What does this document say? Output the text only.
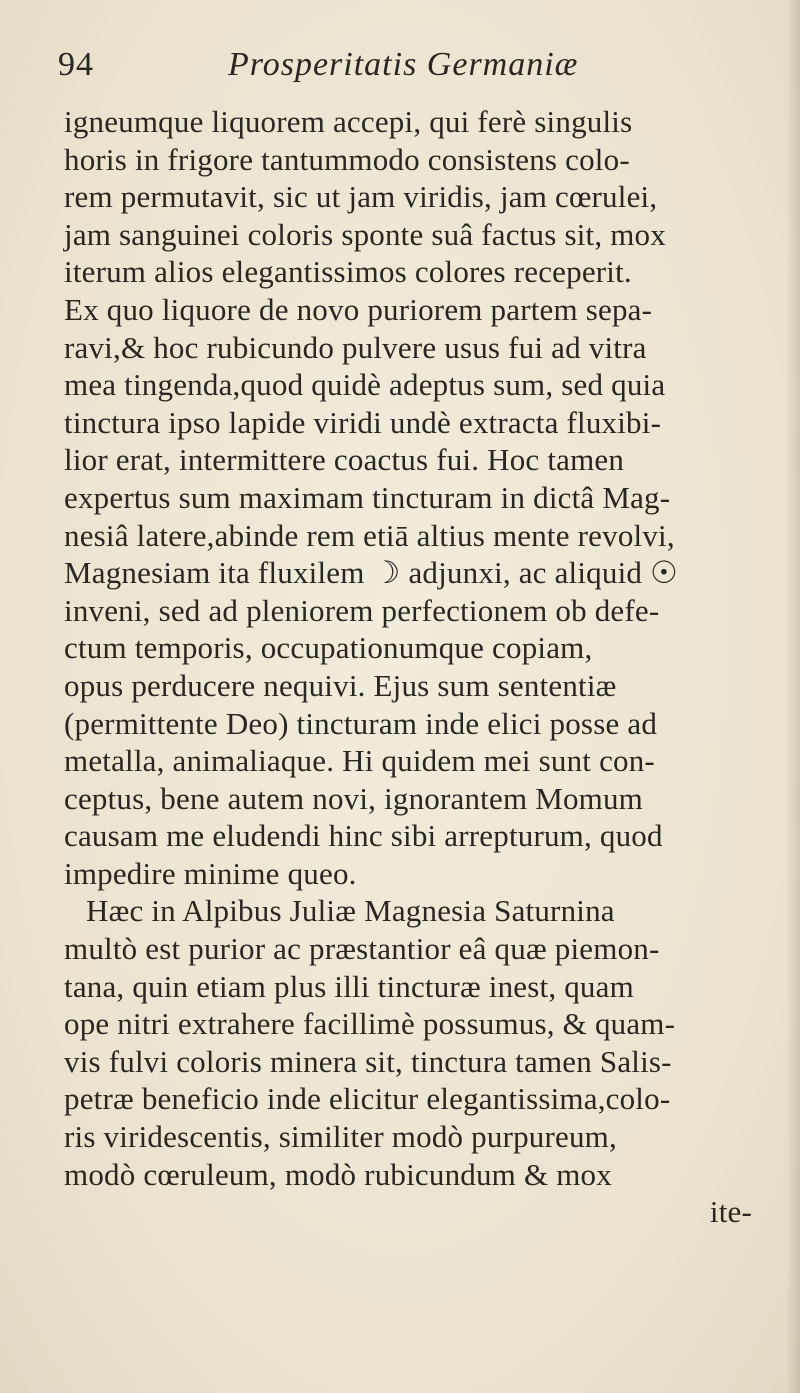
94	Prosperitatis Germaniæ
igneumque liquorem accepi, qui ferè singulis
horis in frigore tantummodo consistens colo-
rem permutavit, sic ut jam viridis, jam cœrulei,
jam sanguinei coloris sponte suâ factus sit, mox
iterum alios elegantissimos colores receperit.
Ex quo liquore de novo puriorem partem sepa-
ravi,& hoc rubicundo pulvere usus fui ad vitra
mea tingenda,quod quidè adeptus sum, sed quia
tinctura ipso lapide viridi undè extracta fluxibi-
lior erat, intermittere coactus fui. Hoc tamen
expertus sum maximam tincturam in dictâ Mag-
nesiâ latere,abinde rem etiā altius mente revolvi,
Magnesiam ita fluxilem ☽ adjunxi, ac aliquid ☉
inveni, sed ad pleniorem perfectionem ob defe-
ctum temporis, occupationumque copiam,
opus perducere nequivi. Ejus sum sententiæ
(permittente Deo) tincturam inde elici posse ad
metalla, animaliaque. Hi quidem mei sunt con-
ceptus, bene autem novi, ignorantem Momum
causam me eludendi hinc sibi arrepturum, quod
impedire minime queo.
Hæc in Alpibus Juliæ Magnesia Saturnina
multò est purior ac præstantior eâ quæ piemon-
tana, quin etiam plus illi tincturæ inest, quam
ope nitri extrahere facillimè possumus, & quam-
vis fulvi coloris minera sit, tinctura tamen Salis-
petræ beneficio inde elicitur elegantissima,colo-
ris viridescentis, similiter modò purpureum,
modò cœruleum, modò rubicundum & mox
ite-
